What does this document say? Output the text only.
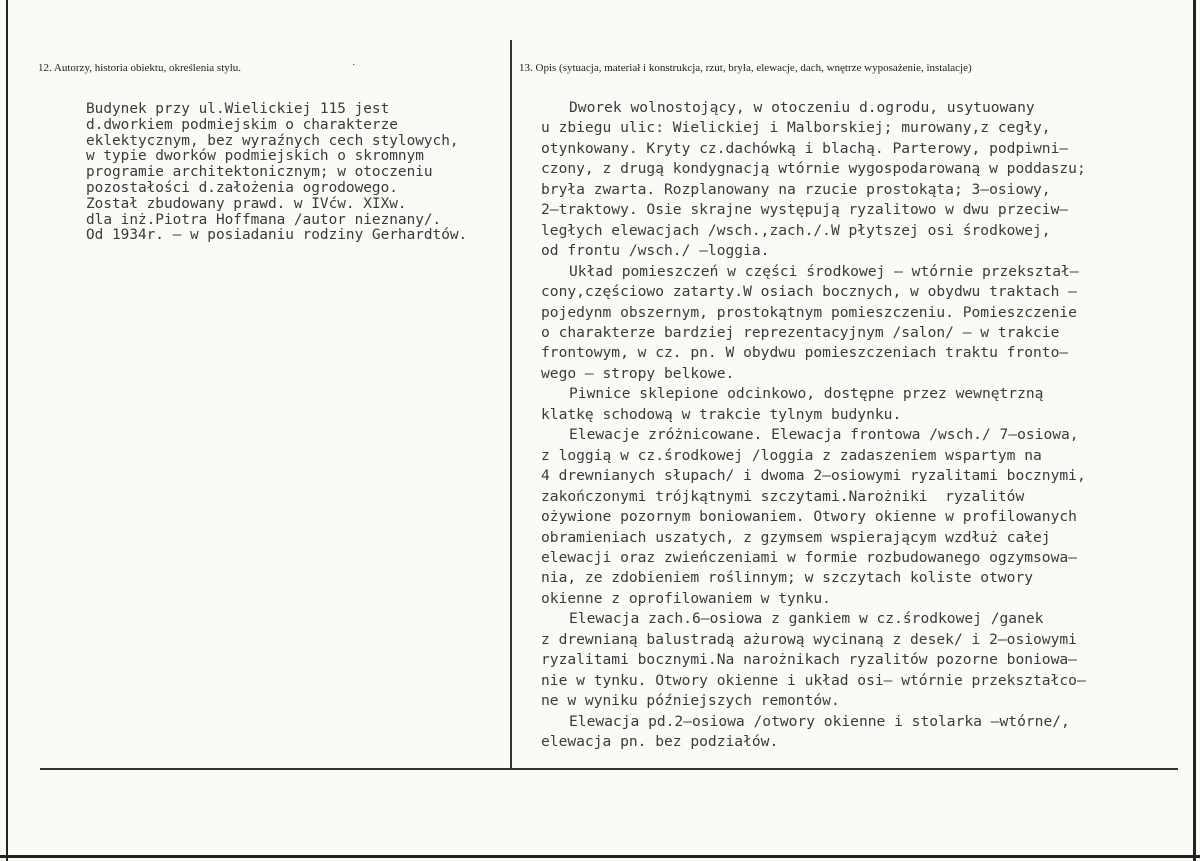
12. Autorzy, historia obiektu, określenia stylu.	·	13. Opis (sytuacja, materiał i konstrukcja, rzut, bryła, elewacje, dach, wnętrze wyposażenie, instalacje)
Budynek przy ul.Wielickiej 115 jest
d.dworkiem podmiejskim o charakterze
eklektycznym, bez wyraźnych cech stylowych,
w typie dworków podmiejskich o skromnym
programie architektonicznym; w otoczeniu
pozostałości d.założenia ogrodowego.
Został zbudowany prawd. w IVćw. XIXw.
dla inż.Piotra Hoffmana /autor nieznany/.
Od 1934r. – w posiadaniu rodziny Gerhardtów.
Dworek wolnostojący, w otoczeniu d.ogrodu, usytuowany
u zbiegu ulic: Wielickiej i Malborskiej; murowany,z cegły,
otynkowany. Kryty cz.dachówką i blachą. Parterowy, podpiwni–
czony, z drugą kondygnacją wtórnie wygospodarowaną w poddaszu;
bryła zwarta. Rozplanowany na rzucie prostokąta; 3–osiowy,
2–traktowy. Osie skrajne występują ryzalitowo w dwu przeciw–
ległych elewacjach /wsch.,zach./.W płytszej osi środkowej,
od frontu /wsch./ –loggia.
Układ pomieszczeń w części środkowej – wtórnie przekształ–
cony,częściowo zatarty.W osiach bocznych, w obydwu traktach –
pojedynm obszernym, prostokątnym pomieszczeniu. Pomieszczenie
o charakterze bardziej reprezentacyjnym /salon/ – w trakcie
frontowym, w cz. pn. W obydwu pomieszczeniach traktu fronto–
wego – stropy belkowe.
Piwnice sklepione odcinkowo, dostępne przez wewnętrzną
klatkę schodową w trakcie tylnym budynku.
Elewacje zróżnicowane. Elewacja frontowa /wsch./ 7–osiowa,
z loggią w cz.środkowej /loggia z zadaszeniem wspartym na
4 drewnianych słupach/ i dwoma 2–osiowymi ryzalitami bocznymi,
zakończonymi trójkątnymi szczytami.Narożniki  ryzalitów
ożywione pozornym boniowaniem. Otwory okienne w profilowanych
obramieniach uszatych, z gzymsem wspierającym wzdłuż całej
elewacji oraz zwieńczeniami w formie rozbudowanego ogzymsowa–
nia, ze zdobieniem roślinnym; w szczytach koliste otwory
okienne z oprofilowaniem w tynku.
Elewacja zach.6–osiowa z gankiem w cz.środkowej /ganek
z drewnianą balustradą ażurową wycinaną z desek/ i 2–osiowymi
ryzalitami bocznymi.Na narożnikach ryzalitów pozorne boniowa–
nie w tynku. Otwory okienne i układ osi– wtórnie przekształco–
ne w wyniku późniejszych remontów.
Elewacja pd.2–osiowa /otwory okienne i stolarka –wtórne/,
elewacja pn. bez podziałów.
